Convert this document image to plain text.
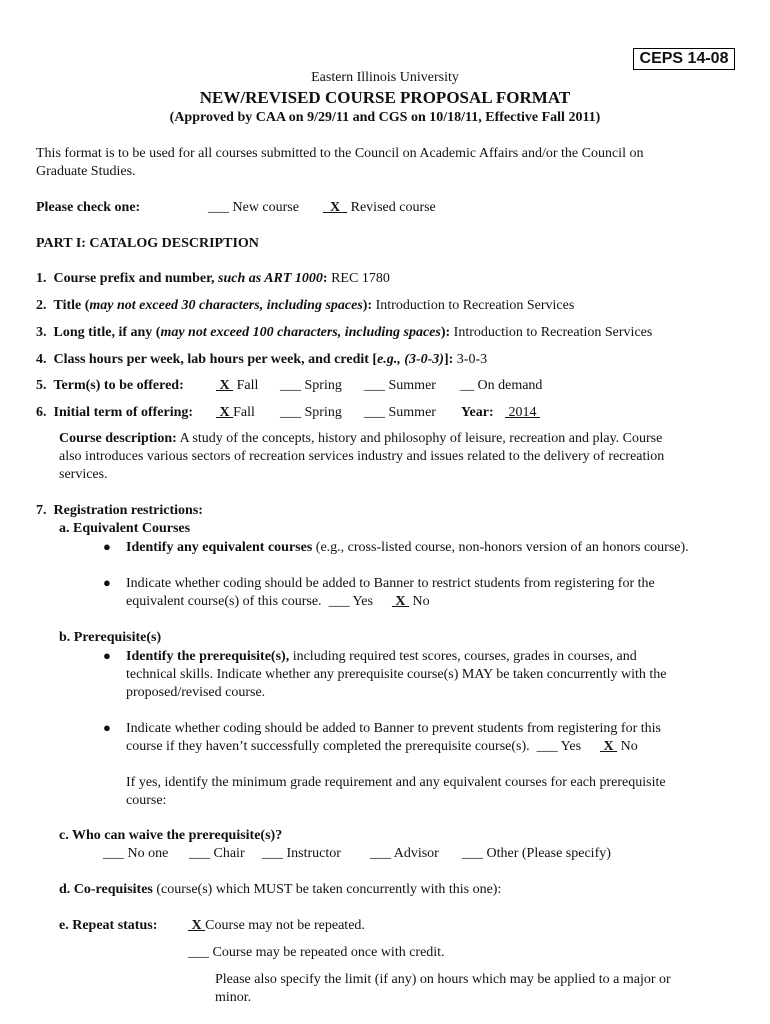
CEPS 14-08
Eastern Illinois University
NEW/REVISED COURSE PROPOSAL FORMAT
(Approved by CAA on 9/29/11 and CGS on 10/18/11, Effective Fall 2011)
This format is to be used for all courses submitted to the Council on Academic Affairs and/or the Council on
Graduate Studies.
Please check one:	___ New course	X Revised course
PART I: CATALOG DESCRIPTION
1. Course prefix and number, such as ART 1000: REC 1780
2. Title (may not exceed 30 characters, including spaces): Introduction to Recreation Services
3. Long title, if any (may not exceed 100 characters, including spaces): Introduction to Recreation Services
4. Class hours per week, lab hours per week, and credit [e.g., (3-0-3)]: 3-0-3
5. Term(s) to be offered:	X Fall ___ Spring ___ Summer __ On demand
6. Initial term of offering: X Fall ___ Spring ___ Summer Year: 2014
Course description: A study of the concepts, history and philosophy of leisure, recreation and play. Course
also introduces various sectors of recreation services industry and issues related to the delivery of recreation
services.
7. Registration restrictions:
a. Equivalent Courses
● Identify any equivalent courses (e.g., cross-listed course, non-honors version of an honors course).
● Indicate whether coding should be added to Banner to restrict students from registering for the
equivalent course(s) of this course. ___ Yes X No
b. Prerequisite(s)
● Identify the prerequisite(s), including required test scores, courses, grades in courses, and
technical skills. Indicate whether any prerequisite course(s) MAY be taken concurrently with the
proposed/revised course.
● Indicate whether coding should be added to Banner to prevent students from registering for this
course if they haven’t successfully completed the prerequisite course(s). ___ Yes X No
If yes, identify the minimum grade requirement and any equivalent courses for each prerequisite
course:
c. Who can waive the prerequisite(s)?
___ No one ___ Chair ___ Instructor ___ Advisor ___ Other (Please specify)
d. Co-requisites (course(s) which MUST be taken concurrently with this one):
e. Repeat status: X Course may not be repeated.
___ Course may be repeated once with credit.
Please also specify the limit (if any) on hours which may be applied to a major or
minor.
